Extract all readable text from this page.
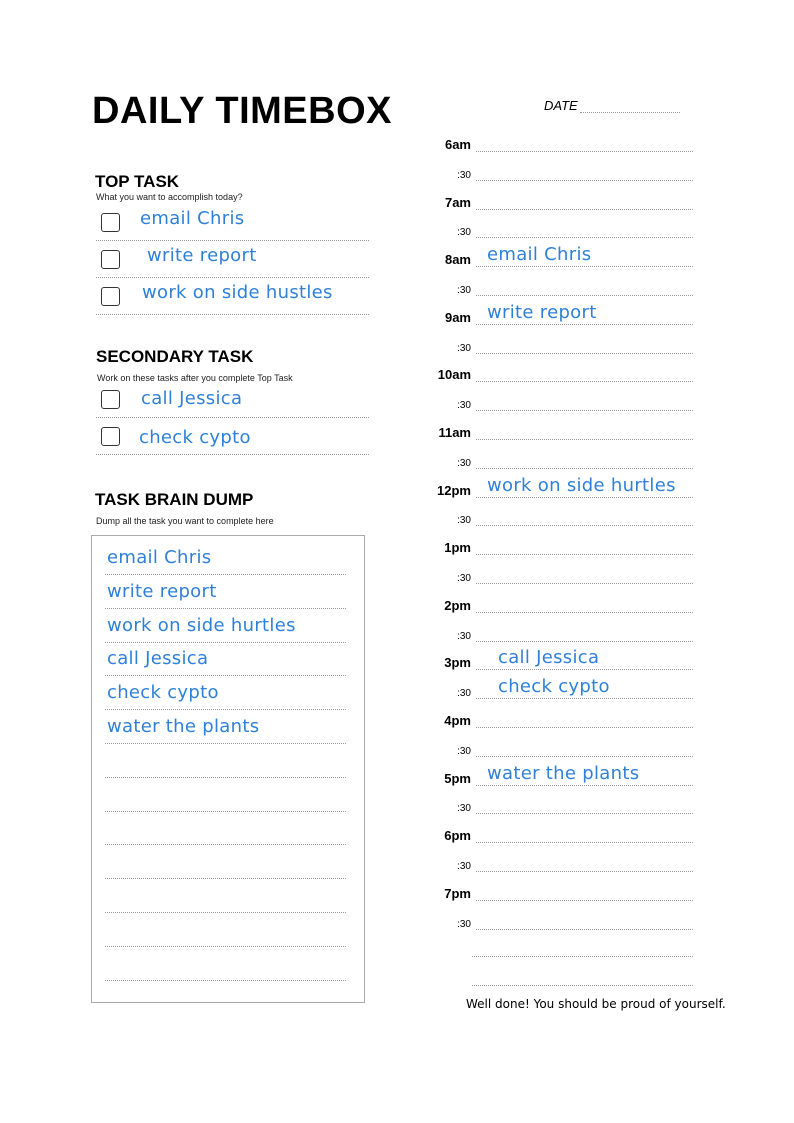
DAILY TIMEBOX	DATE
TOP TASK
What you want to accomplish today?
email Chris
write report
work on side hustles
SECONDARY TASK
Work on these tasks after you complete Top Task
call Jessica
check cypto
TASK BRAIN DUMP
Dump all the task you want to complete here
email Chris
write report
work on side hurtles
call Jessica
check cypto
water the plants
6am
:30
7am
:30
8am email Chris
:30
9am write report
:30
10am
:30
11am
:30
12pm work on side hurtles
:30
1pm
:30
2pm
:30
3pm call Jessica
:30 check cypto
4pm
:30
5pm water the plants
:30
6pm
:30
7pm
:30
Well done! You should be proud of yourself.
